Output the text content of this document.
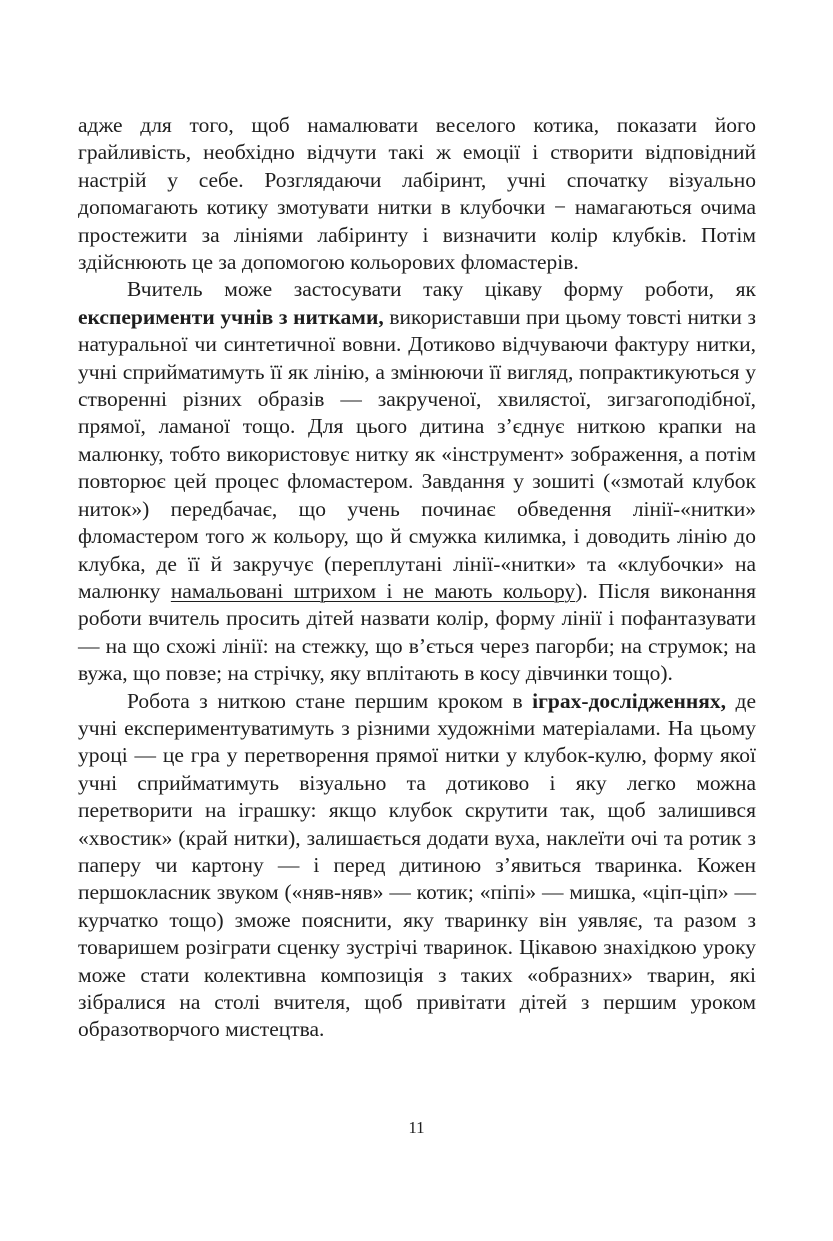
адже для того, щоб намалювати веселого котика, показати його грайливість, необхідно відчути такі ж емоції і створити відповідний настрій у себе. Розглядаючи лабіринт, учні спочатку візуально допомагають котику змотувати нитки в клубочки − намагаються очима простежити за лініями лабіринту і визначити колір клубків. Потім здійснюють це за допомогою кольорових фломастерів.

Вчитель може застосувати таку цікаву форму роботи, як експерименти учнів з нитками, використавши при цьому товсті нитки з натуральної чи синтетичної вовни. Дотиково відчуваючи фактуру нитки, учні сприйматимуть її як лінію, а змінюючи її вигляд, попрактикуються у створенні різних образів — закрученої, хвилястої, зигзагоподібної, прямої, ламаної тощо. Для цього дитина з’єднує ниткою крапки на малюнку, тобто використовує нитку як «інструмент» зображення, а потім повторює цей процес фломастером. Завдання у зошиті («змотай клубок ниток») передбачає, що учень починає обведення лінії-«нитки» фломастером того ж кольору, що й смужка килимка, і доводить лінію до клубка, де її й закручує (переплутані лінії-«нитки» та «клубочки» на малюнку намальовані штрихом і не мають кольору). Після виконання роботи вчитель просить дітей назвати колір, форму лінії і пофантазувати — на що схожі лінії: на стежку, що в’ється через пагорби; на струмок; на вужа, що повзе; на стрічку, яку вплітають в косу дівчинки тощо).

Робота з ниткою стане першим кроком в іграх-дослідженнях, де учні експериментуватимуть з різними художніми матеріалами. На цьому уроці — це гра у перетворення прямої нитки у клубок-кулю, форму якої учні сприйматимуть візуально та дотиково і яку легко можна перетворити на іграшку: якщо клубок скрутити так, щоб залишився «хвостик» (край нитки), залишається додати вуха, наклеїти очі та ротик з паперу чи картону — і перед дитиною з’явиться тваринка. Кожен першокласник звуком («няв-няв» — котик; «піпі» — мишка, «ціп-ціп» — курчатко тощо) зможе пояснити, яку тваринку він уявляє, та разом з товаришем розіграти сценку зустрічі тваринок. Цікавою знахідкою уроку може стати колективна композиція з таких «образних» тварин, які зібралися на столі вчителя, щоб привітати дітей з першим уроком образотворчого мистецтва.

11
